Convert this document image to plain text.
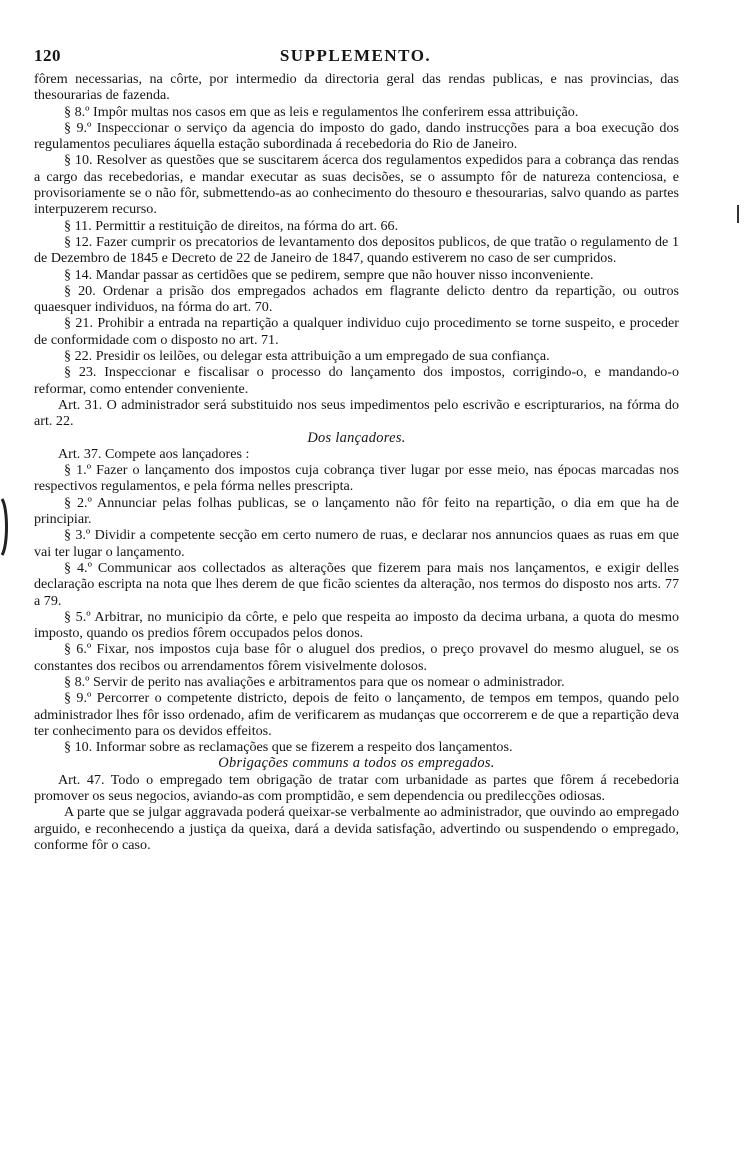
120	SUPPLEMENTO.

fôrem necessarias, na côrte, por intermedio da directoria geral das rendas publicas, e nas provincias, das thesourarias de fazenda.

§ 8.º Impôr multas nos casos em que as leis e regulamentos lhe conferirem essa attribuição.

§ 9.º Inspeccionar o serviço da agencia do imposto do gado, dando instrucções para a boa execução dos regulamentos peculiares áquella estação subordinada á recebedoria do Rio de Janeiro.

§ 10. Resolver as questões que se suscitarem ácerca dos regulamentos expedidos para a cobrança das rendas a cargo das recebedorias, e mandar executar as suas decisões, se o assumpto fôr de natureza contenciosa, e provisoriamente se o não fôr, submettendo-as ao conhecimento do thesouro e thesourarias, salvo quando as partes interpuzerem recurso.

§ 11. Permittir a restituição de direitos, na fórma do art. 66.

§ 12. Fazer cumprir os precatorios de levantamento dos depositos publicos, de que tratão o regulamento de 1 de Dezembro de 1845 e Decreto de 22 de Janeiro de 1847, quando estiverem no caso de ser cumpridos.

§ 14. Mandar passar as certidões que se pedirem, sempre que não houver nisso inconveniente.

§ 20. Ordenar a prisão dos empregados achados em flagrante delicto dentro da repartição, ou outros quaesquer individuos, na fórma do art. 70.

§ 21. Prohibir a entrada na repartição a qualquer individuo cujo procedimento se torne suspeito, e proceder de conformidade com o disposto no art. 71.

§ 22. Presidir os leilões, ou delegar esta attribuição a um empregado de sua confiança.

§ 23. Inspeccionar e fiscalisar o processo do lançamento dos impostos, corrigindo-o, e mandando-o reformar, como entender conveniente.

Art. 31. O administrador será substituido nos seus impedimentos pelo escrivão e escripturarios, na fórma do art. 22.

Dos lançadores.

Art. 37. Compete aos lançadores :

§ 1.º Fazer o lançamento dos impostos cuja cobrança tiver lugar por esse meio, nas épocas marcadas nos respectivos regulamentos, e pela fórma nelles prescripta.

§ 2.º Annunciar pelas folhas publicas, se o lançamento não fôr feito na repartição, o dia em que ha de principiar.

§ 3.º Dividir a competente secção em certo numero de ruas, e declarar nos annuncios quaes as ruas em que vai ter lugar o lançamento.

§ 4.º Communicar aos collectados as alterações que fizerem para mais nos lançamentos, e exigir delles declaração escripta na nota que lhes derem de que ficão scientes da alteração, nos termos do disposto nos arts. 77 a 79.

§ 5.º Arbitrar, no municipio da côrte, e pelo que respeita ao imposto da decima urbana, a quota do mesmo imposto, quando os predios fôrem occupados pelos donos.

§ 6.º Fixar, nos impostos cuja base fôr o aluguel dos predios, o preço provavel do mesmo aluguel, se os constantes dos recibos ou arrendamentos fôrem visivelmente dolosos.

§ 8.º Servir de perito nas avaliações e arbitramentos para que os nomear o administrador.

§ 9.º Percorrer o competente districto, depois de feito o lançamento, de tempos em tempos, quando pelo administrador lhes fôr isso ordenado, afim de verificarem as mudanças que occorrerem e de que a repartição deva ter conhecimento para os devidos effeitos.

§ 10. Informar sobre as reclamações que se fizerem a respeito dos lançamentos.

Obrigações communs a todos os empregados.

Art. 47. Todo o empregado tem obrigação de tratar com urbanidade as partes que fôrem á recebedoria promover os seus negocios, aviando-as com promptidão, e sem dependencia ou predilecções odiosas.

A parte que se julgar aggravada poderá queixar-se verbalmente ao administrador, que ouvindo ao empregado arguido, e reconhecendo a justiça da queixa, dará a devida satisfação, advertindo ou suspendendo o empregado, conforme fôr o caso.
